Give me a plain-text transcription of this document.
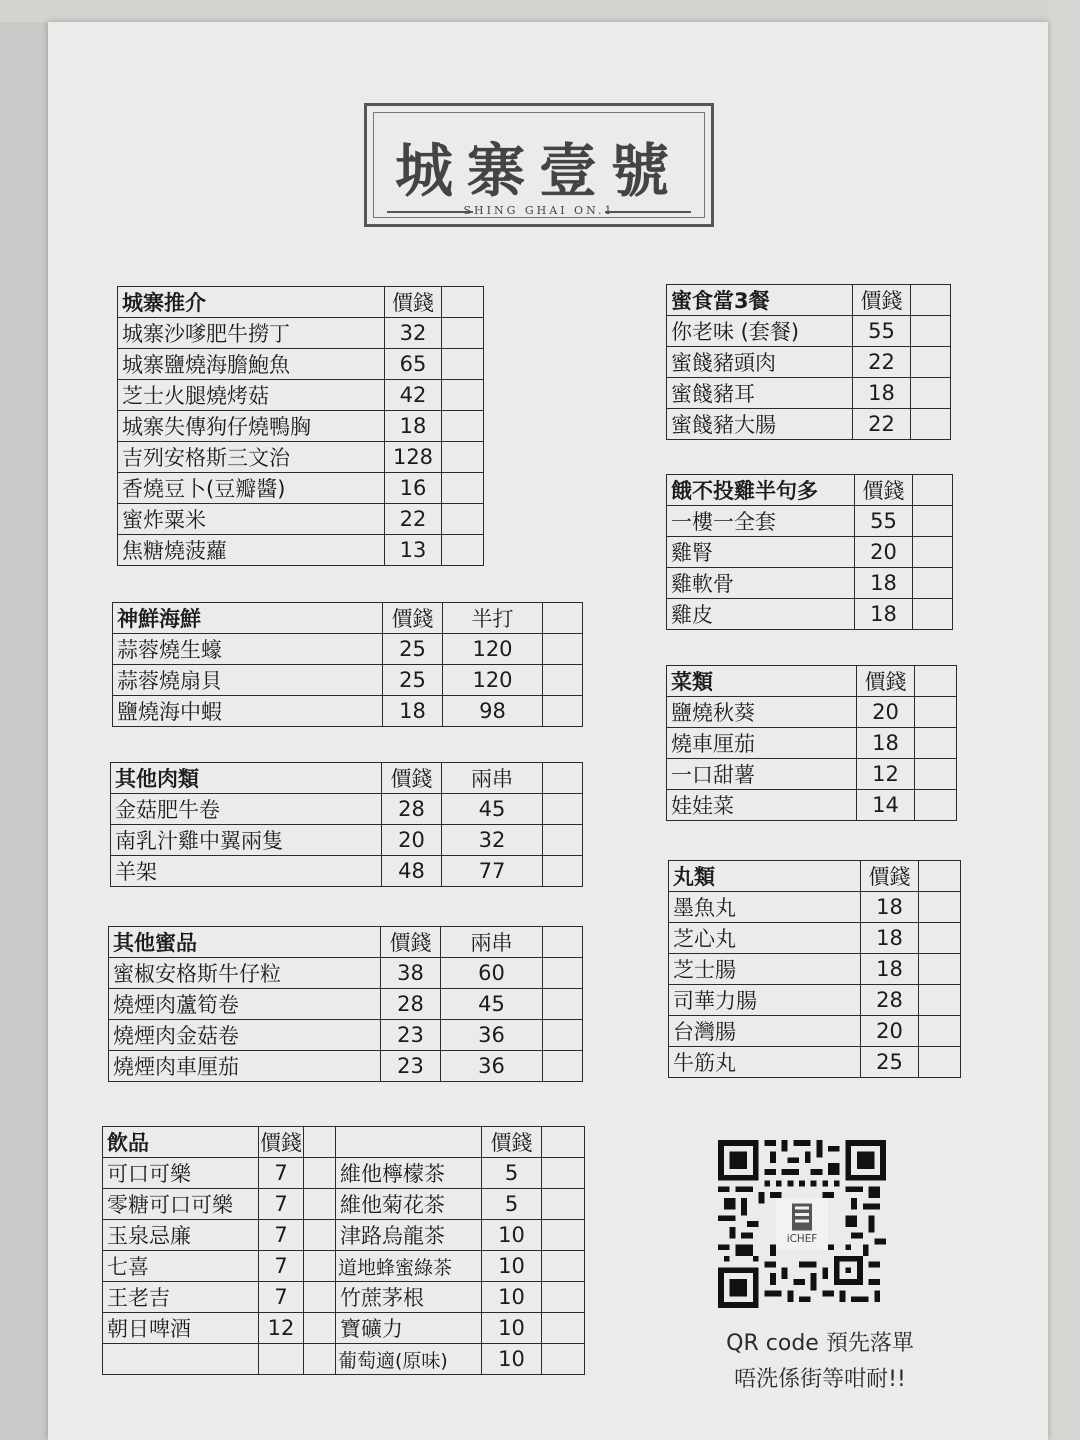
城寨壹號
SHING GHAI ON.1
城寨推介	價錢	
城寨沙嗲肥牛撈丁	32	
城寨鹽燒海膽鮑魚	65	
芝士火腿燒烤菇	42	
城寨失傳狗仔燒鴨胸	18	
吉列安格斯三文治	128	
香燒豆卜(豆瓣醬)	16	
蜜炸粟米	22	
焦糖燒菠蘿	13	
神鮮海鮮	價錢	半打	
蒜蓉燒生蠔	25	120	
蒜蓉燒扇貝	25	120	
鹽燒海中蝦	18	98	
其他肉類	價錢	兩串	
金菇肥牛卷	28	45	
南乳汁雞中翼兩隻	20	32	
羊架	48	77	
其他蜜品	價錢	兩串	
蜜椒安格斯牛仔粒	38	60	
燒煙肉蘆筍卷	28	45	
燒煙肉金菇卷	23	36	
燒煙肉車厘茄	23	36	
飲品	價錢			價錢	
可口可樂	7		維他檸檬茶	5	
零糖可口可樂	7		維他菊花茶	5	
玉泉忌廉	7		津路烏龍茶	10	
七喜	7		道地蜂蜜綠茶	10	
王老吉	7		竹蔗茅根	10	
朝日啤酒	12		寶礦力	10	
			葡萄適(原味)	10	
蜜食當3餐	價錢	
你老味 (套餐)	55	
蜜餞豬頭肉	22	
蜜餞豬耳	18	
蜜餞豬大腸	22	
餓不投雞半句多	價錢	
一樓一全套	55	
雞腎	20	
雞軟骨	18	
雞皮	18	
菜類	價錢	
鹽燒秋葵	20	
燒車厘茄	18	
一口甜薯	12	
娃娃菜	14	
丸類	價錢	
墨魚丸	18	
芝心丸	18	
芝士腸	18	
司華力腸	28	
台灣腸	20	
牛筋丸	25	
iCHEF
QR code 預先落單
唔洗係街等咁耐!!
